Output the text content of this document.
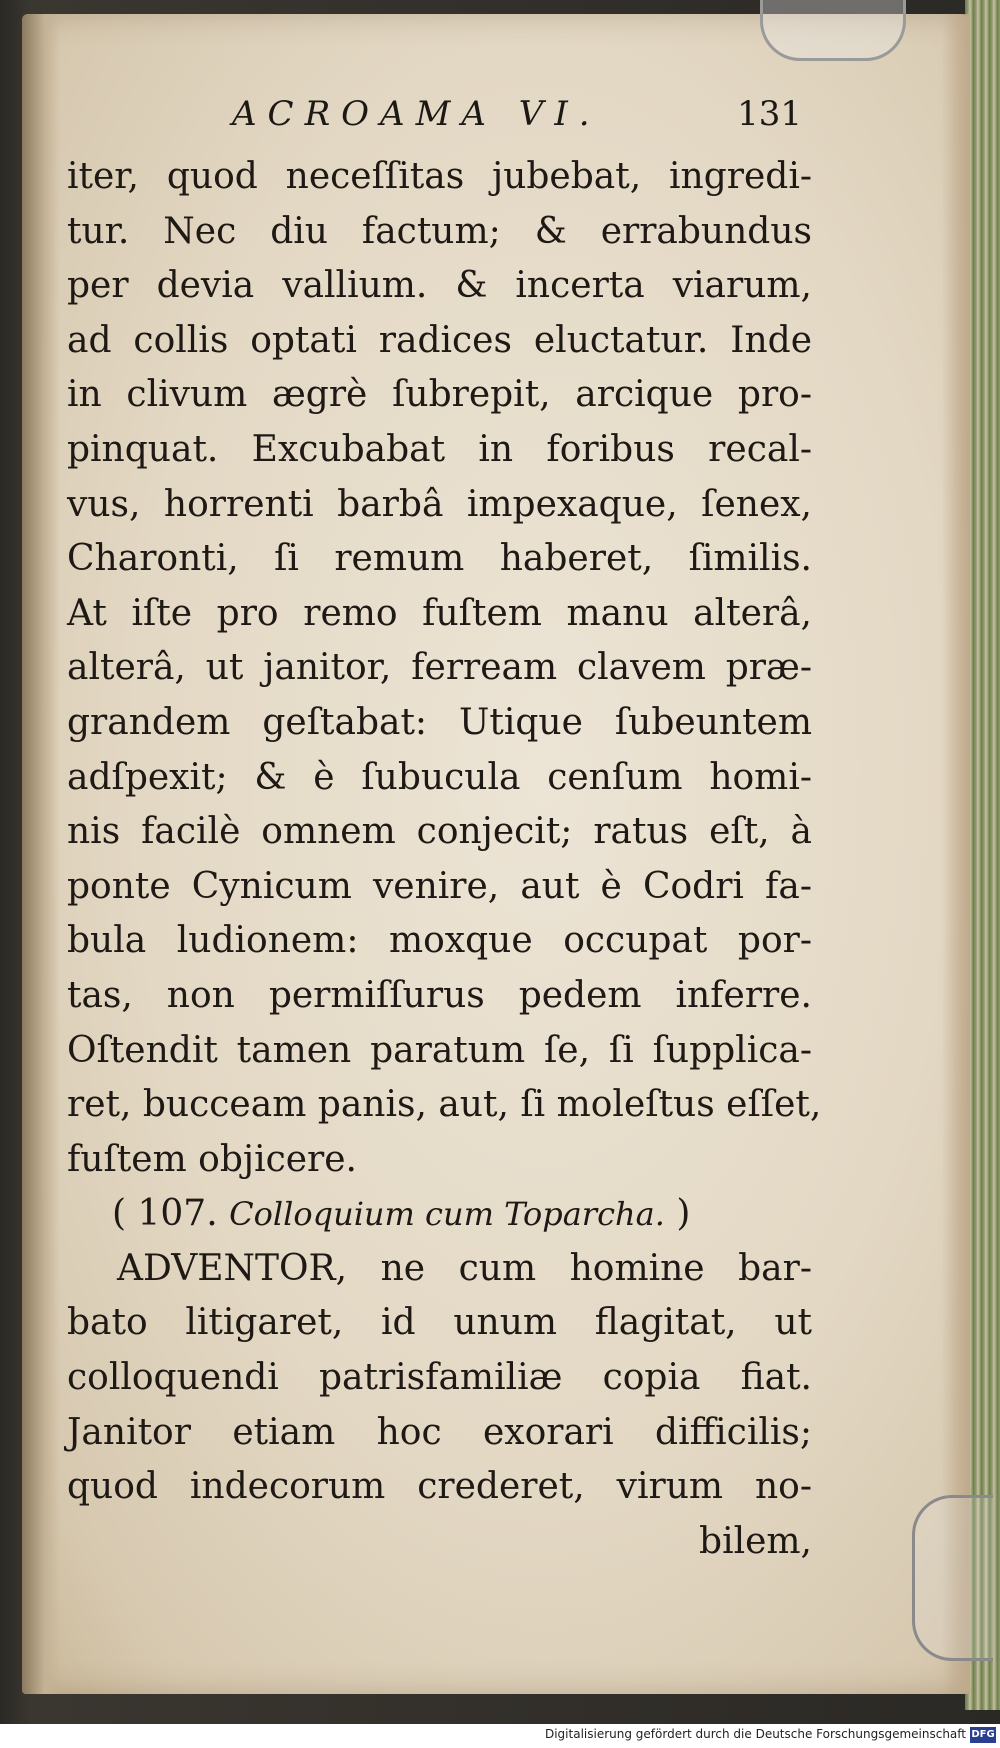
ACROAMA VI.	131
iter, quod neceſſitas jubebat, ingredi-
tur. Nec diu factum; & errabundus
per devia vallium. & incerta viarum,
ad collis optati radices eluctatur. Inde
in clivum ægrè ſubrepit, arcique pro-
pinquat. Excubabat in foribus recal-
vus, horrenti barbâ impexaque, ſenex,
Charonti, ſi remum haberet, ſimilis.
At iſte pro remo fuſtem manu alterâ,
alterâ, ut janitor, ferream clavem præ-
grandem geſtabat: Utique ſubeuntem
adſpexit; & è ſubucula cenſum homi-
nis facilè omnem conjecit; ratus eſt, à
ponte Cynicum venire, aut è Codri fa-
bula ludionem: moxque occupat por-
tas, non permiſſurus pedem inferre.
Oſtendit tamen paratum ſe, ſi ſupplica-
ret, bucceam panis, aut, ſi moleſtus eſſet,
fuſtem objicere.
( 107. Colloquium cum Toparcha. )
ADVENTOR, ne cum homine bar-
bato litigaret, id unum flagitat, ut
colloquendi patrisfamiliæ copia fiat.
Janitor etiam hoc exorari difficilis;
quod indecorum crederet, virum no-
bilem,
Digitalisierung gefördert durch die Deutsche Forschungsgemeinschaft DFG
